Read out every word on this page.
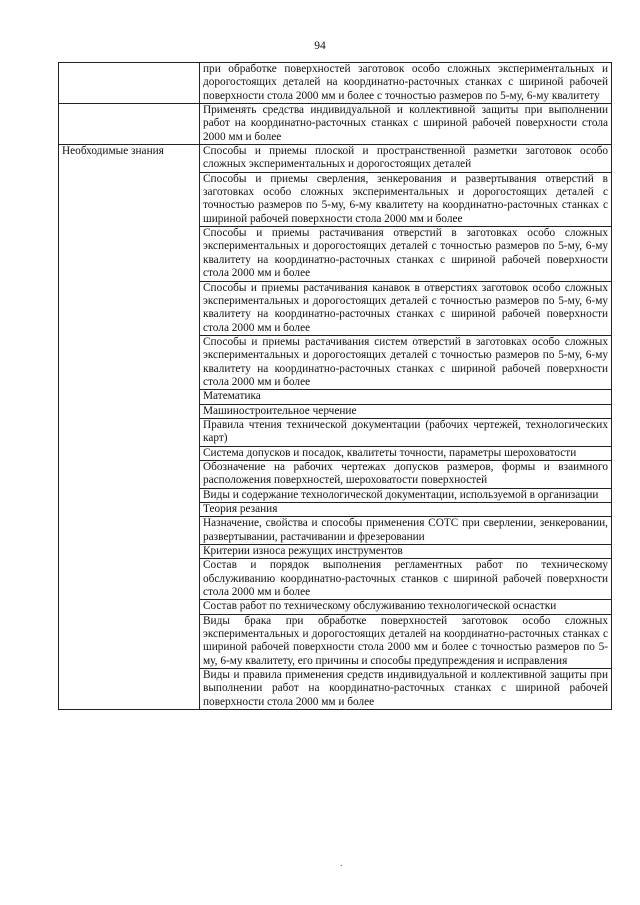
94
	при обработке поверхностей заготовок особо сложных экспериментальных и дорогостоящих деталей на координатно-расточных станках с шириной рабочей поверхности стола 2000 мм и более с точностью размеров по 5-му, 6-му квалитету
	Применять средства индивидуальной и коллективной защиты при выполнении работ на координатно-расточных станках с шириной рабочей поверхности стола 2000 мм и более
Необходимые знания	Способы и приемы плоской и пространственной разметки заготовок особо сложных экспериментальных и дорогостоящих деталей
	Способы и приемы сверления, зенкерования и развертывания отверстий в заготовках особо сложных экспериментальных и дорогостоящих деталей с точностью размеров по 5-му, 6-му квалитету на координатно-расточных станках с шириной рабочей поверхности стола 2000 мм и более
	Способы и приемы растачивания отверстий в заготовках особо сложных экспериментальных и дорогостоящих деталей с точностью размеров по 5-му, 6-му квалитету на координатно-расточных станках с шириной рабочей поверхности стола 2000 мм и более
	Способы и приемы растачивания канавок в отверстиях заготовок особо сложных экспериментальных и дорогостоящих деталей с точностью размеров по 5-му, 6-му квалитету на координатно-расточных станках с шириной рабочей поверхности стола 2000 мм и более
	Способы и приемы растачивания систем отверстий в заготовках особо сложных экспериментальных и дорогостоящих деталей с точностью размеров по 5-му, 6-му квалитету на координатно-расточных станках с шириной рабочей поверхности стола 2000 мм и более
	Математика
	Машиностроительное черчение
	Правила чтения технической документации (рабочих чертежей, технологических карт)
	Система допусков и посадок, квалитеты точности, параметры шероховатости
	Обозначение на рабочих чертежах допусков размеров, формы и взаимного расположения поверхностей, шероховатости поверхностей
	Виды и содержание технологической документации, используемой в организации
	Теория резания
	Назначение, свойства и способы применения СОТС при сверлении, зенкеровании, развертывании, растачивании и фрезеровании
	Критерии износа режущих инструментов
	Состав и порядок выполнения регламентных работ по техническому обслуживанию координатно-расточных станков с шириной рабочей поверхности стола 2000 мм и более
	Состав работ по техническому обслуживанию технологической оснастки
	Виды брака при обработке поверхностей заготовок особо сложных экспериментальных и дорогостоящих деталей на координатно-расточных станках с шириной рабочей поверхности стола 2000 мм и более с точностью размеров по 5-му, 6-му квалитету, его причины и способы предупреждения и исправления
	Виды и правила применения средств индивидуальной и коллективной защиты при выполнении работ на координатно-расточных станках с шириной рабочей поверхности стола 2000 мм и более
.
